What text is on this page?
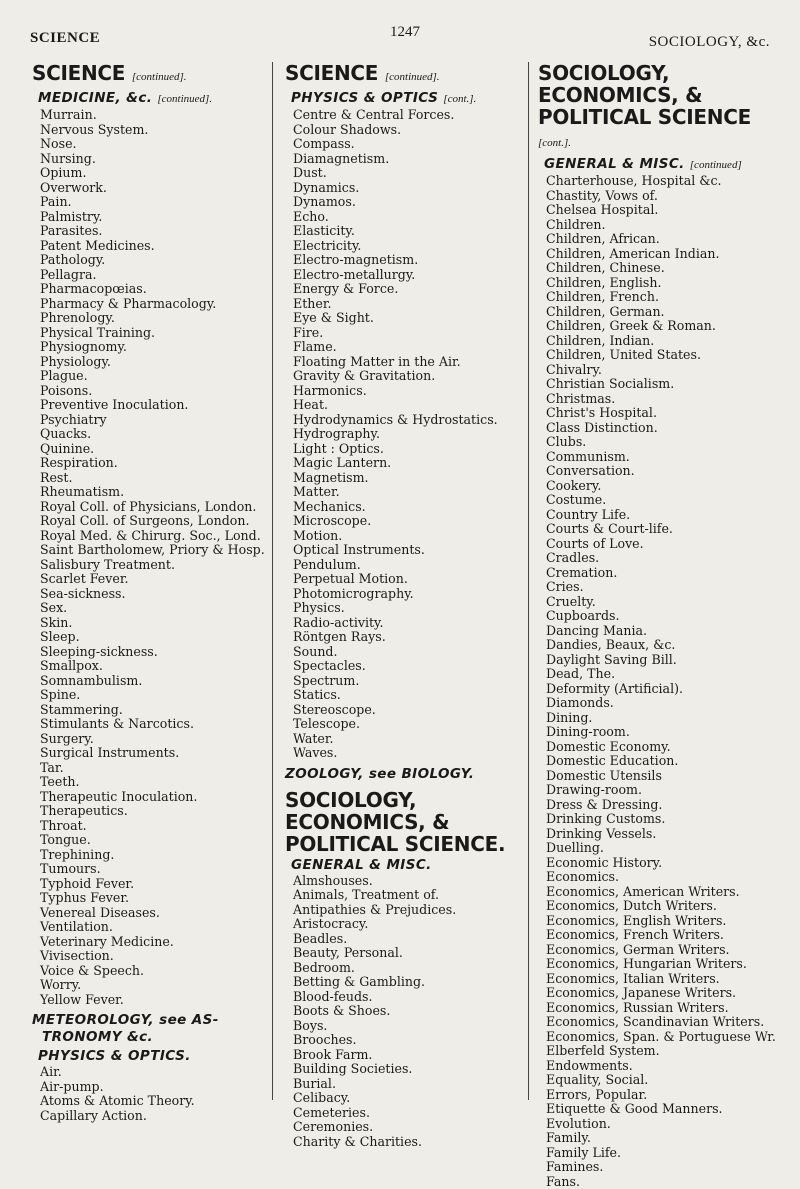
SCIENCE	1247
SOCIOLOGY, &c.
SCIENCE [continued].
MEDICINE, &c. [continued].
Murrain.
Nervous System.
Nose.
Nursing.
Opium.
Overwork.
Pain.
Palmistry.
Parasites.
Patent Medicines.
Pathology.
Pellagra.
Pharmacopœias.
Pharmacy & Pharmacology.
Phrenology.
Physical Training.
Physiognomy.
Physiology.
Plague.
Poisons.
Preventive Inoculation.
Psychiatry
Quacks.
Quinine.
Respiration.
Rest.
Rheumatism.
Royal Coll. of Physicians, London.
Royal Coll. of Surgeons, London.
Royal Med. & Chirurg. Soc., Lond.
Saint Bartholomew, Priory & Hosp.
Salisbury Treatment.
Scarlet Fever.
Sea-sickness.
Sex.
Skin.
Sleep.
Sleeping-sickness.
Smallpox.
Somnambulism.
Spine.
Stammering.
Stimulants & Narcotics.
Surgery.
Surgical Instruments.
Tar.
Teeth.
Therapeutic Inoculation.
Therapeutics.
Throat.
Tongue.
Trephining.
Tumours.
Typhoid Fever.
Typhus Fever.
Venereal Diseases.
Ventilation.
Veterinary Medicine.
Vivisection.
Voice & Speech.
Worry.
Yellow Fever.
METEOROLOGY, see AS-
TRONOMY &c.
PHYSICS & OPTICS.
Air.
Air-pump.
Atoms & Atomic Theory.
Capillary Action.
SCIENCE [continued].
PHYSICS & OPTICS [cont.].
Centre & Central Forces.
Colour Shadows.
Compass.
Diamagnetism.
Dust.
Dynamics.
Dynamos.
Echo.
Elasticity.
Electricity.
Electro-magnetism.
Electro-metallurgy.
Energy & Force.
Ether.
Eye & Sight.
Fire.
Flame.
Floating Matter in the Air.
Gravity & Gravitation.
Harmonics.
Heat.
Hydrodynamics & Hydrostatics.
Hydrography.
Light : Optics.
Magic Lantern.
Magnetism.
Matter.
Mechanics.
Microscope.
Motion.
Optical Instruments.
Pendulum.
Perpetual Motion.
Photomicrography.
Physics.
Radio-activity.
Röntgen Rays.
Sound.
Spectacles.
Spectrum.
Statics.
Stereoscope.
Telescope.
Water.
Waves.
ZOOLOGY, see BIOLOGY.
SOCIOLOGY, ECONOMICS, & POLITICAL SCIENCE.
GENERAL & MISC.
Almshouses.
Animals, Treatment of.
Antipathies & Prejudices.
Aristocracy.
Beadles.
Beauty, Personal.
Bedroom.
Betting & Gambling.
Blood-feuds.
Boots & Shoes.
Boys.
Brooches.
Brook Farm.
Building Societies.
Burial.
Celibacy.
Cemeteries.
Ceremonies.
Charity & Charities.
SOCIOLOGY, ECONOMICS, & POLITICAL SCIENCE [cont.].
GENERAL & MISC. [continued]
Charterhouse, Hospital &c.
Chastity, Vows of.
Chelsea Hospital.
Children.
Children, African.
Children, American Indian.
Children, Chinese.
Children, English.
Children, French.
Children, German.
Children, Greek & Roman.
Children, Indian.
Children, United States.
Chivalry.
Christian Socialism.
Christmas.
Christ's Hospital.
Class Distinction.
Clubs.
Communism.
Conversation.
Cookery.
Costume.
Country Life.
Courts & Court-life.
Courts of Love.
Cradles.
Cremation.
Cries.
Cruelty.
Cupboards.
Dancing Mania.
Dandies, Beaux, &c.
Daylight Saving Bill.
Dead, The.
Deformity (Artificial).
Diamonds.
Dining.
Dining-room.
Domestic Economy.
Domestic Education.
Domestic Utensils
Drawing-room.
Dress & Dressing.
Drinking Customs.
Drinking Vessels.
Duelling.
Economic History.
Economics.
Economics, American Writers.
Economics, Dutch Writers.
Economics, English Writers.
Economics, French Writers.
Economics, German Writers.
Economics, Hungarian Writers.
Economics, Italian Writers.
Economics, Japanese Writers.
Economics, Russian Writers.
Economics, Scandinavian Writers.
Economics, Span. & Portuguese Wr.
Elberfeld System.
Endowments.
Equality, Social.
Errors, Popular.
Etiquette & Good Manners.
Evolution.
Family.
Family Life.
Famines.
Fans.
